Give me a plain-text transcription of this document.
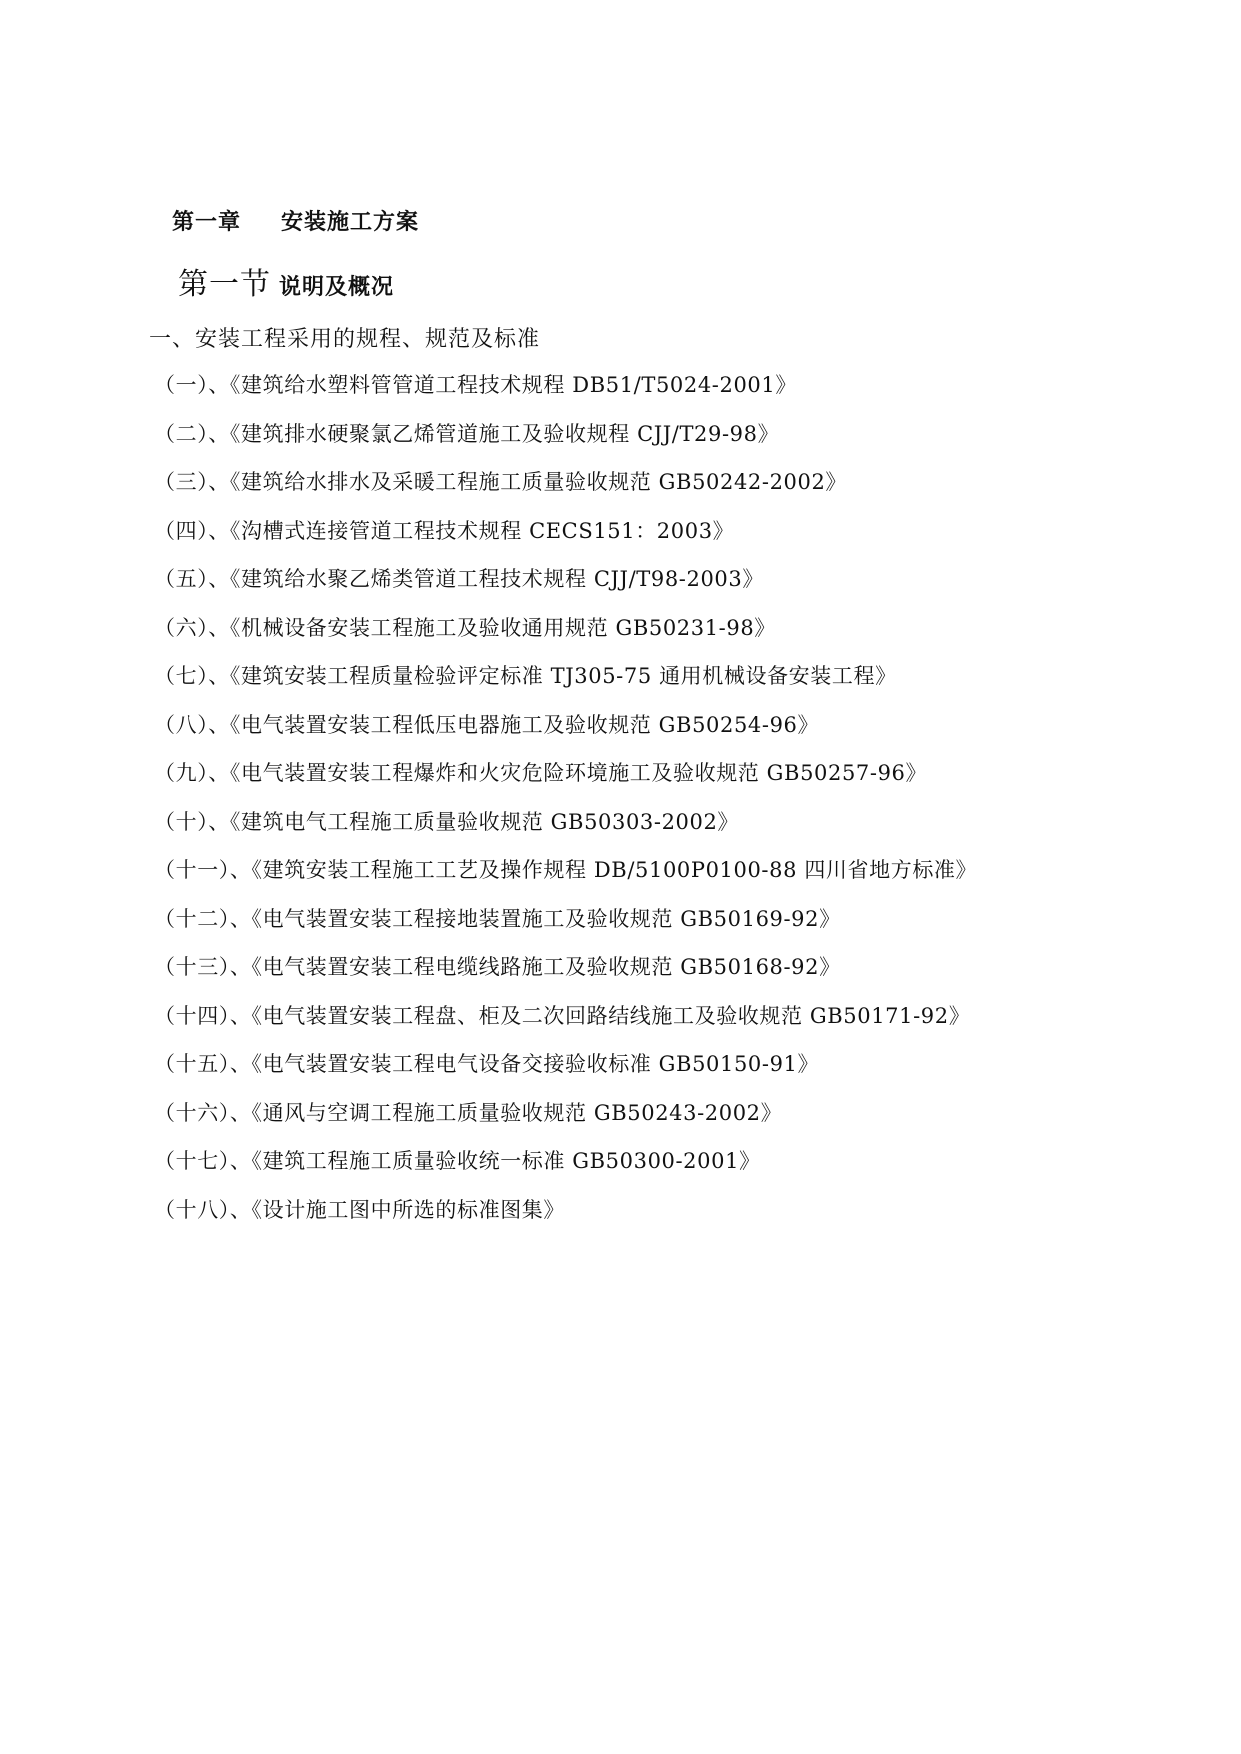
第一章 安装施工方案
第一节 说明及概况
一、安装工程采用的规程、规范及标准
（一）、《建筑给水塑料管管道工程技术规程 DB51/T5024-2001》
（二）、《建筑排水硬聚氯乙烯管道施工及验收规程 CJJ/T29-98》
（三）、《建筑给水排水及采暖工程施工质量验收规范 GB50242-2002》
（四）、《沟槽式连接管道工程技术规程 CECS151：2003》
（五）、《建筑给水聚乙烯类管道工程技术规程 CJJ/T98-2003》
（六）、《机械设备安装工程施工及验收通用规范 GB50231-98》
（七）、《建筑安装工程质量检验评定标准 TJ305-75 通用机械设备安装工程》
（八）、《电气装置安装工程低压电器施工及验收规范 GB50254-96》
（九）、《电气装置安装工程爆炸和火灾危险环境施工及验收规范 GB50257-96》
（十）、《建筑电气工程施工质量验收规范 GB50303-2002》
（十一）、《建筑安装工程施工工艺及操作规程 DB/5100P0100-88 四川省地方标准》
（十二）、《电气装置安装工程接地装置施工及验收规范 GB50169-92》
（十三）、《电气装置安装工程电缆线路施工及验收规范 GB50168-92》
（十四）、《电气装置安装工程盘、柜及二次回路结线施工及验收规范 GB50171-92》
（十五）、《电气装置安装工程电气设备交接验收标准 GB50150-91》
（十六）、《通风与空调工程施工质量验收规范 GB50243-2002》
（十七）、《建筑工程施工质量验收统一标准 GB50300-2001》
（十八）、《设计施工图中所选的标准图集》
